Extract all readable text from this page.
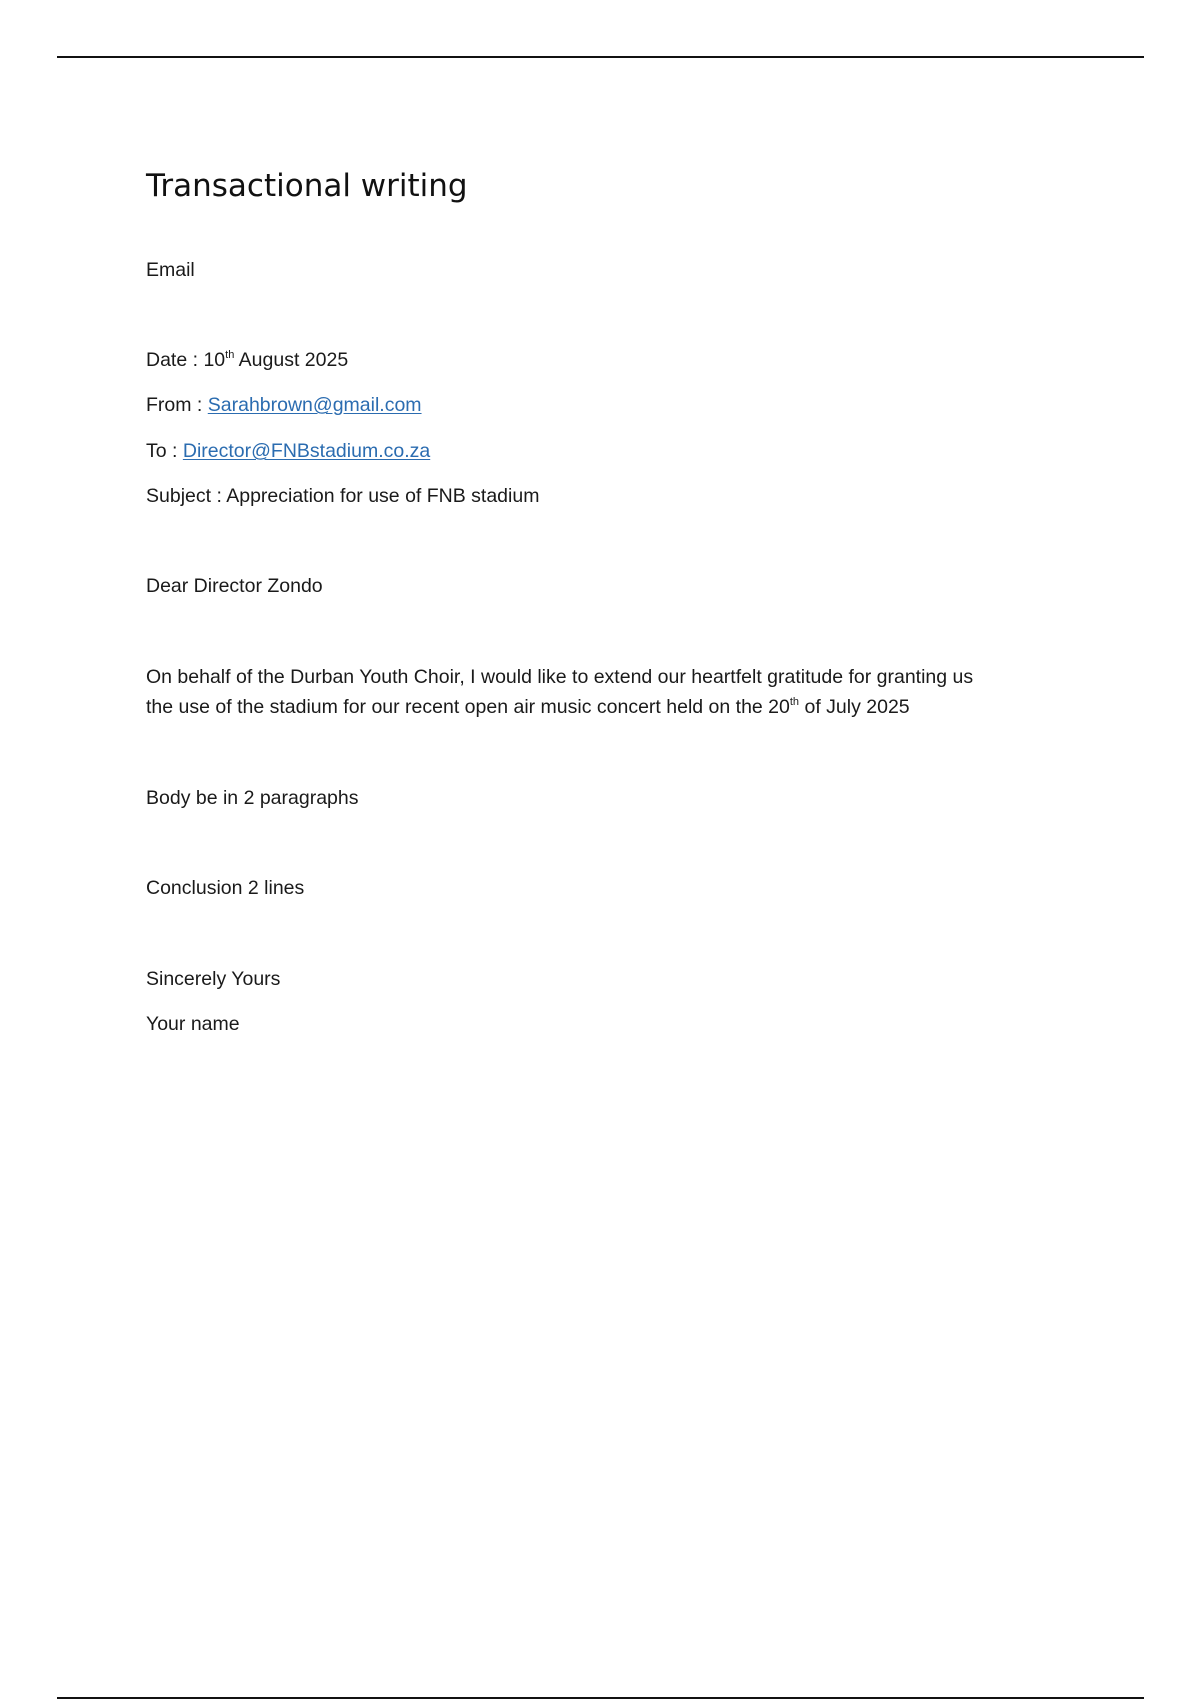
Transactional writing
Email
Date : 10th August 2025
From : Sarahbrown@gmail.com
To : Director@FNBstadium.co.za
Subject : Appreciation for use of FNB stadium
Dear Director Zondo
On behalf of the Durban Youth Choir, I would like to extend our heartfelt gratitude for granting us
the use of the stadium for our recent open air music concert held on the 20th of July 2025
Body be in 2 paragraphs
Conclusion 2 lines
Sincerely Yours
Your name
